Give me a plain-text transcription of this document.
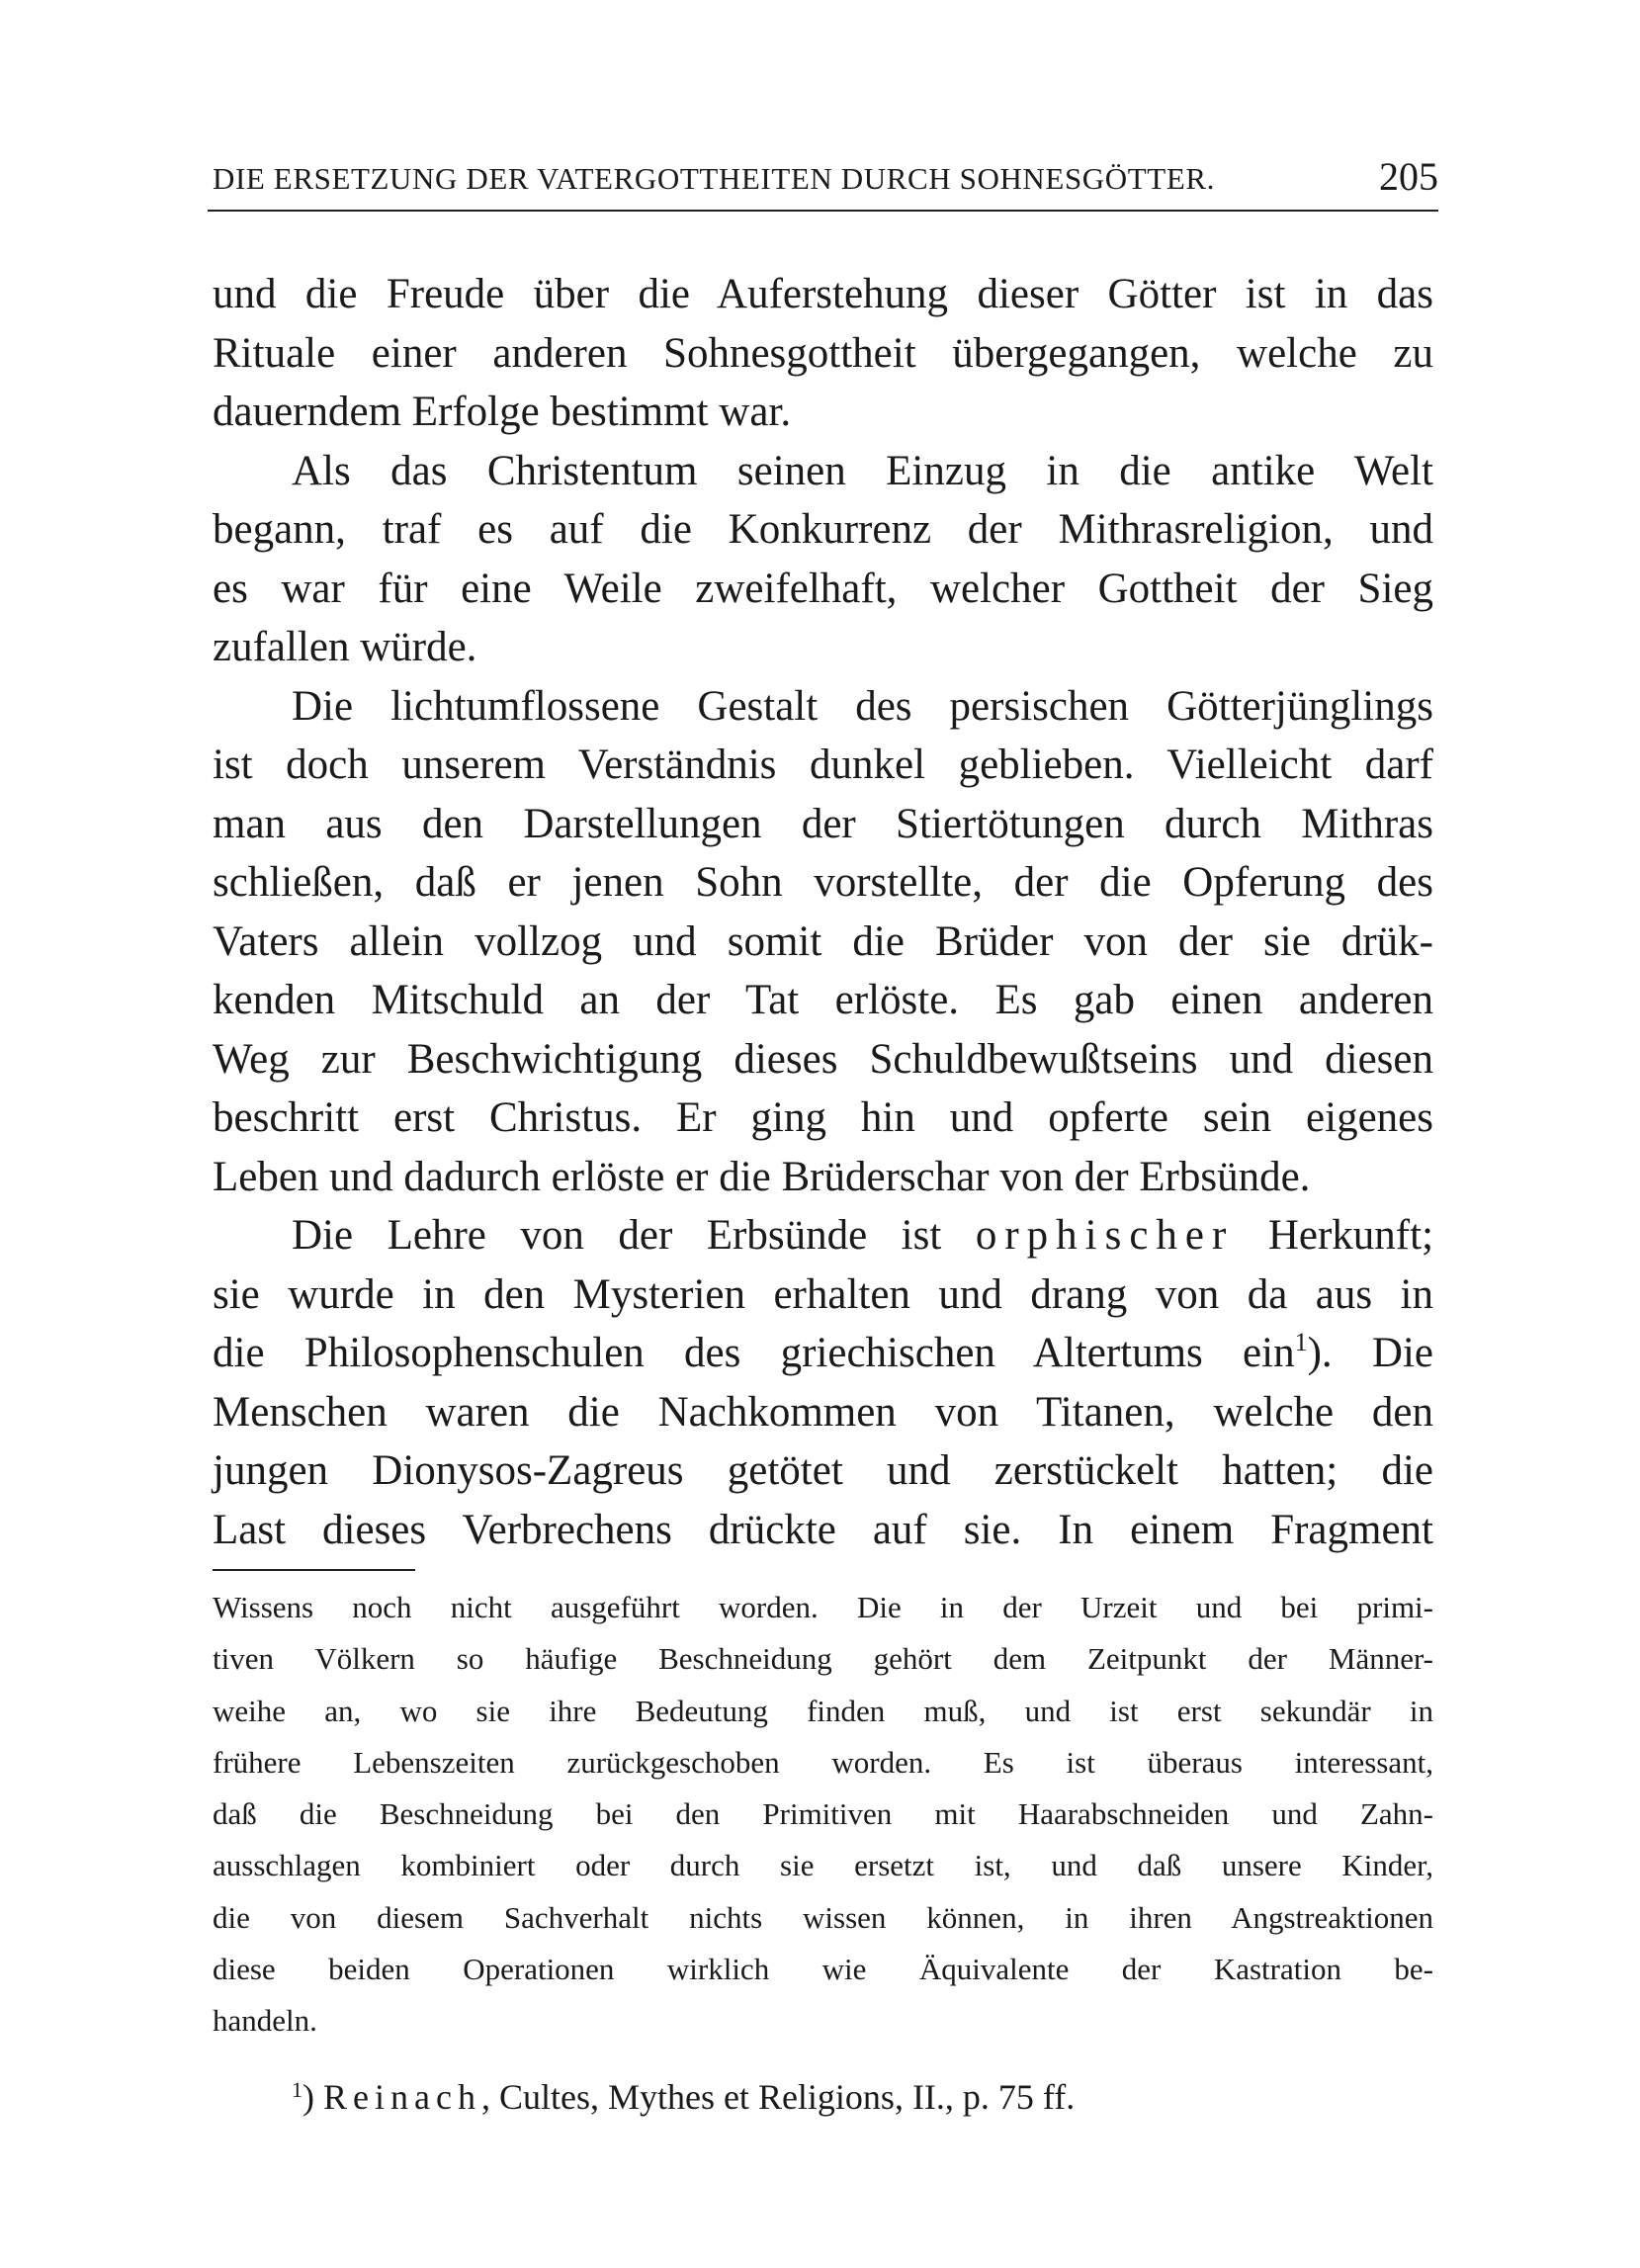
DIE ERSETZUNG DER VATERGOTTHEITEN DURCH SOHNESGÖTTER.	205
und die Freude über die Auferstehung dieser Götter ist in das
Rituale einer anderen Sohnesgottheit übergegangen, welche zu
dauerndem Erfolge bestimmt war.
Als das Christentum seinen Einzug in die antike Welt
begann, traf es auf die Konkurrenz der Mithrasreligion, und
es war für eine Weile zweifelhaft, welcher Gottheit der Sieg
zufallen würde.
Die lichtumflossene Gestalt des persischen Götterjünglings
ist doch unserem Verständnis dunkel geblieben. Vielleicht darf
man aus den Darstellungen der Stiertötungen durch Mithras
schließen, daß er jenen Sohn vorstellte, der die Opferung des
Vaters allein vollzog und somit die Brüder von der sie drük-
kenden Mitschuld an der Tat erlöste. Es gab einen anderen
Weg zur Beschwichtigung dieses Schuldbewußtseins und diesen
beschritt erst Christus. Er ging hin und opferte sein eigenes
Leben und dadurch erlöste er die Brüderschar von der Erbsünde.
Die Lehre von der Erbsünde ist orphischer Herkunft;
sie wurde in den Mysterien erhalten und drang von da aus in
die Philosophenschulen des griechischen Altertums ein$^1$). Die
Menschen waren die Nachkommen von Titanen, welche den
jungen Dionysos-Zagreus getötet und zerstückelt hatten; die
Last dieses Verbrechens drückte auf sie. In einem Fragment
Wissens noch nicht ausgeführt worden. Die in der Urzeit und bei primi-
tiven Völkern so häufige Beschneidung gehört dem Zeitpunkt der Männer-
weihe an, wo sie ihre Bedeutung finden muß, und ist erst sekundär in
frühere Lebenszeiten zurückgeschoben worden. Es ist überaus interessant,
daß die Beschneidung bei den Primitiven mit Haarabschneiden und Zahn-
ausschlagen kombiniert oder durch sie ersetzt ist, und daß unsere Kinder,
die von diesem Sachverhalt nichts wissen können, in ihren Angstreaktionen
diese beiden Operationen wirklich wie Äquivalente der Kastration be-
handeln.
$^1$) Reinach, Cultes, Mythes et Religions, II., p. 75 ff.
